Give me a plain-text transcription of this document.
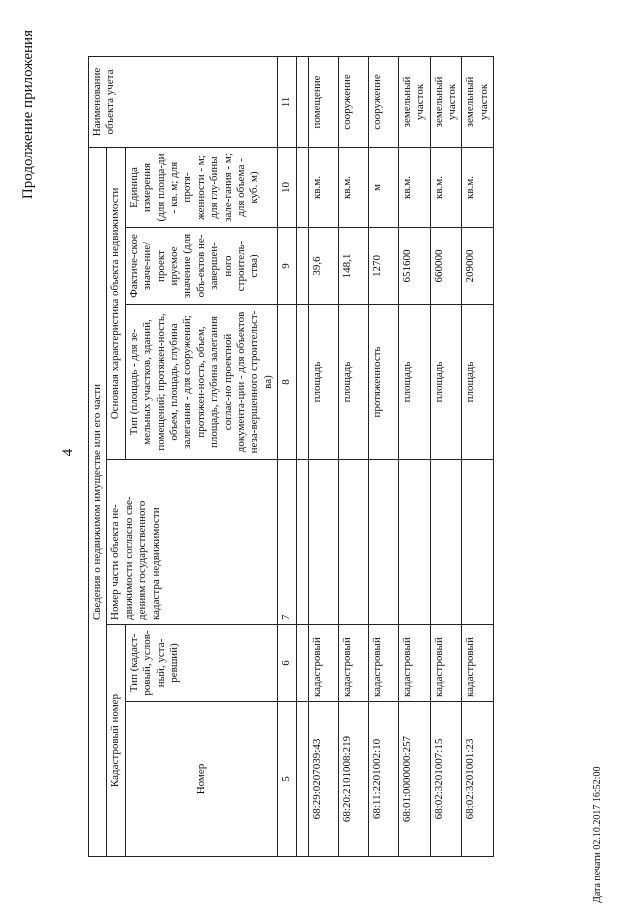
Продолжение приложения
4 Сведения о недвижимом имуществе или его части						Наименование объекта учета
Кадастровый номер		Номер части объекта не-движимости согласно све-дениям государственного кадастра недвижимости	Основная характеристика объекта недвижимости			
			Тип (площадь - для зе-мельных участков, зданий, помещений; протяжен-ность, объем, площадь, глубина залегания - для сооружений; протяжен-ность, объем, площадь, глубина залегания соглас-но проектной документа-ции - для объектов неза-вершенного строительст-ва)	Фактиче-ское значе-ние/проект ируемое значение (для объ-ектов не-завершен-ного строитель-ства)	Единица измерения (для площа-ди - кв. м; для протя-женности - м; для глу-бины зале-гания - м; для объема - куб. м)	
Номер	Тип (кадаст-ровый, услов-ный, уста-ревший)					
5	6	7	8	9	10	11

68:29:0207039:43	кадастровый		площадь	39,6	кв.м.	помещение
68:20:2101008:219	кадастровый		площадь	148,1	кв.м.	сооружение
68:11:2201002:10	кадастровый		протяженность	1270	м	сооружение
68:01:0000000:257	кадастровый		площадь	651600	кв.м.	земельный участок
68:02:3201007:15	кадастровый		площадь	660000	кв.м.	земельный участок
68:02:3201001:23	кадастровый		площадь	209000	кв.м.	земельный участок
Дата печати 02.10.2017 16:52:00
